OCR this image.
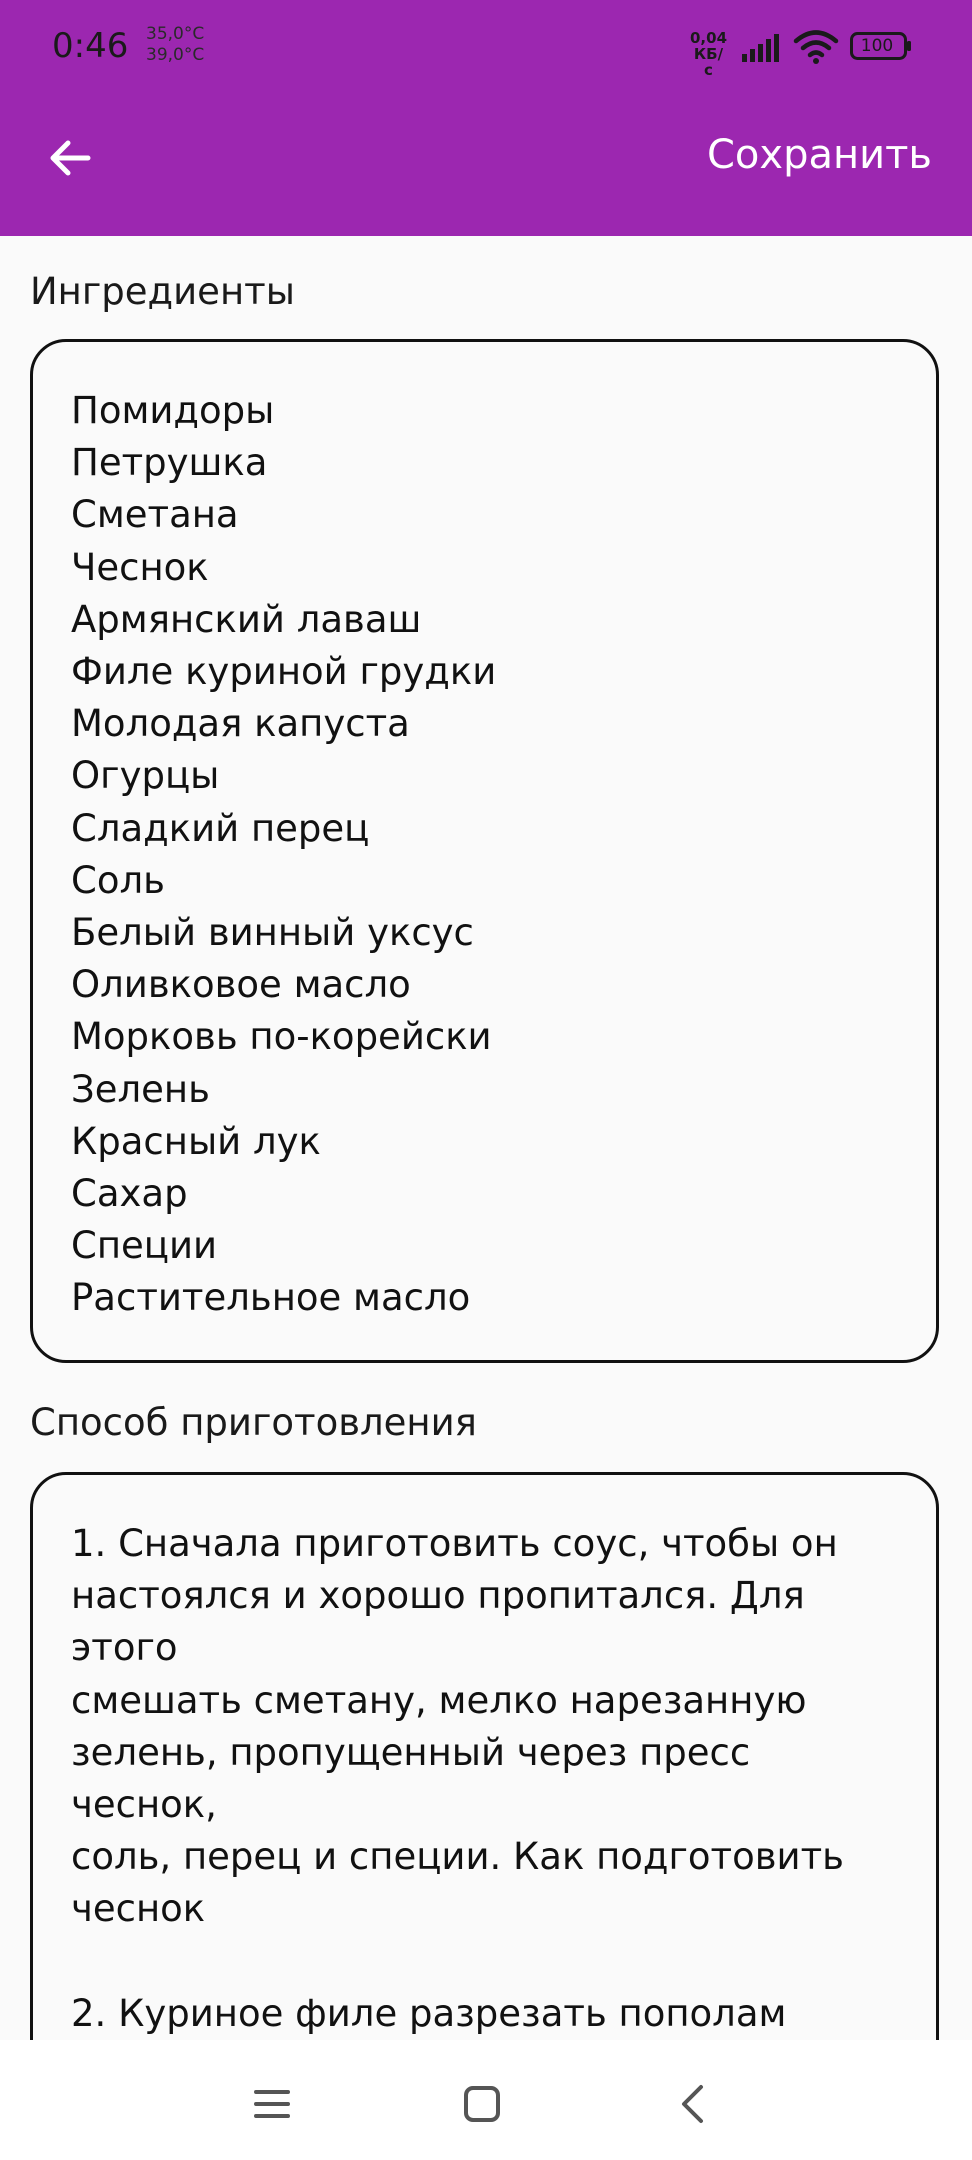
0:46 35,0°C
39,0°C
0,04
КБ/с
100
Сохранить
Ингредиенты
Помидоры
Петрушка
Сметана
Чеснок
Армянский лаваш
Филе куриной грудки
Молодая капуста
Огурцы
Сладкий перец
Соль
Белый винный уксус
Оливковое масло
Морковь по-корейски
Зелень
Красный лук
Сахар
Специи
Растительное масло
Способ приготовления
1. Сначала приготовить соус, чтобы он
настоялся и хорошо пропитался. Для этого
смешать сметану, мелко нарезанную
зелень, пропущенный через пресс чеснок,
соль, перец и специи. Как подготовить
чеснок

2. Куриное филе разрезать пополам
